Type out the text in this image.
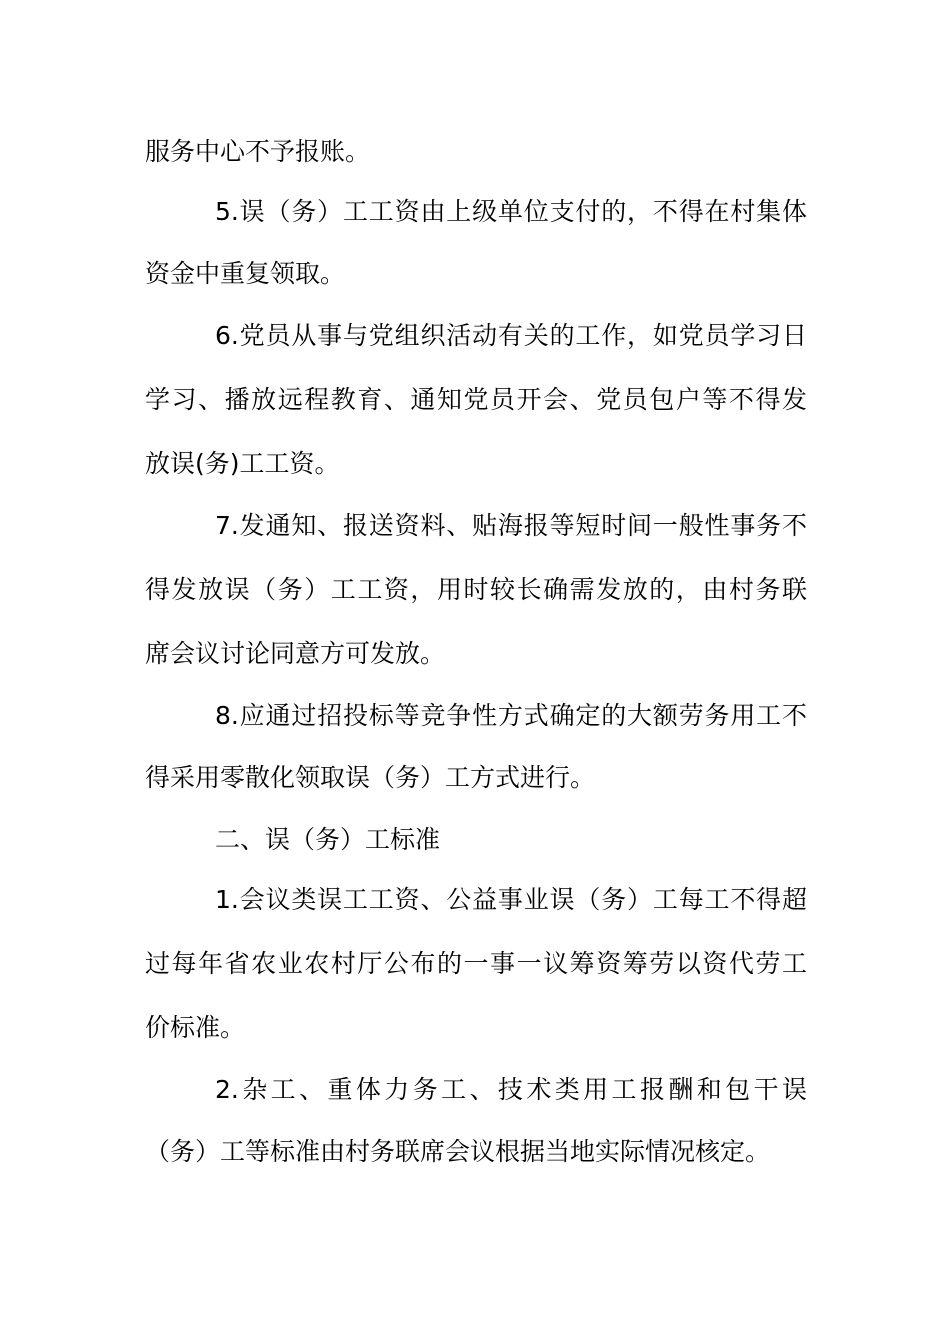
服务中心不予报账。
5.误（务）工工资由上级单位支付的，不得在村集体
资金中重复领取。
6.党员从事与党组织活动有关的工作，如党员学习日
学习、播放远程教育、通知党员开会、党员包户等不得发
放误(务)工工资。
7.发通知、报送资料、贴海报等短时间一般性事务不
得发放误（务）工工资，用时较长确需发放的，由村务联
席会议讨论同意方可发放。
8.应通过招投标等竞争性方式确定的大额劳务用工不
得采用零散化领取误（务）工方式进行。
二、误（务）工标准
1.会议类误工工资、公益事业误（务）工每工不得超
过每年省农业农村厅公布的一事一议筹资筹劳以资代劳工
价标准。
2.杂工、重体力务工、技术类用工报酬和包干误
（务）工等标准由村务联席会议根据当地实际情况核定。
